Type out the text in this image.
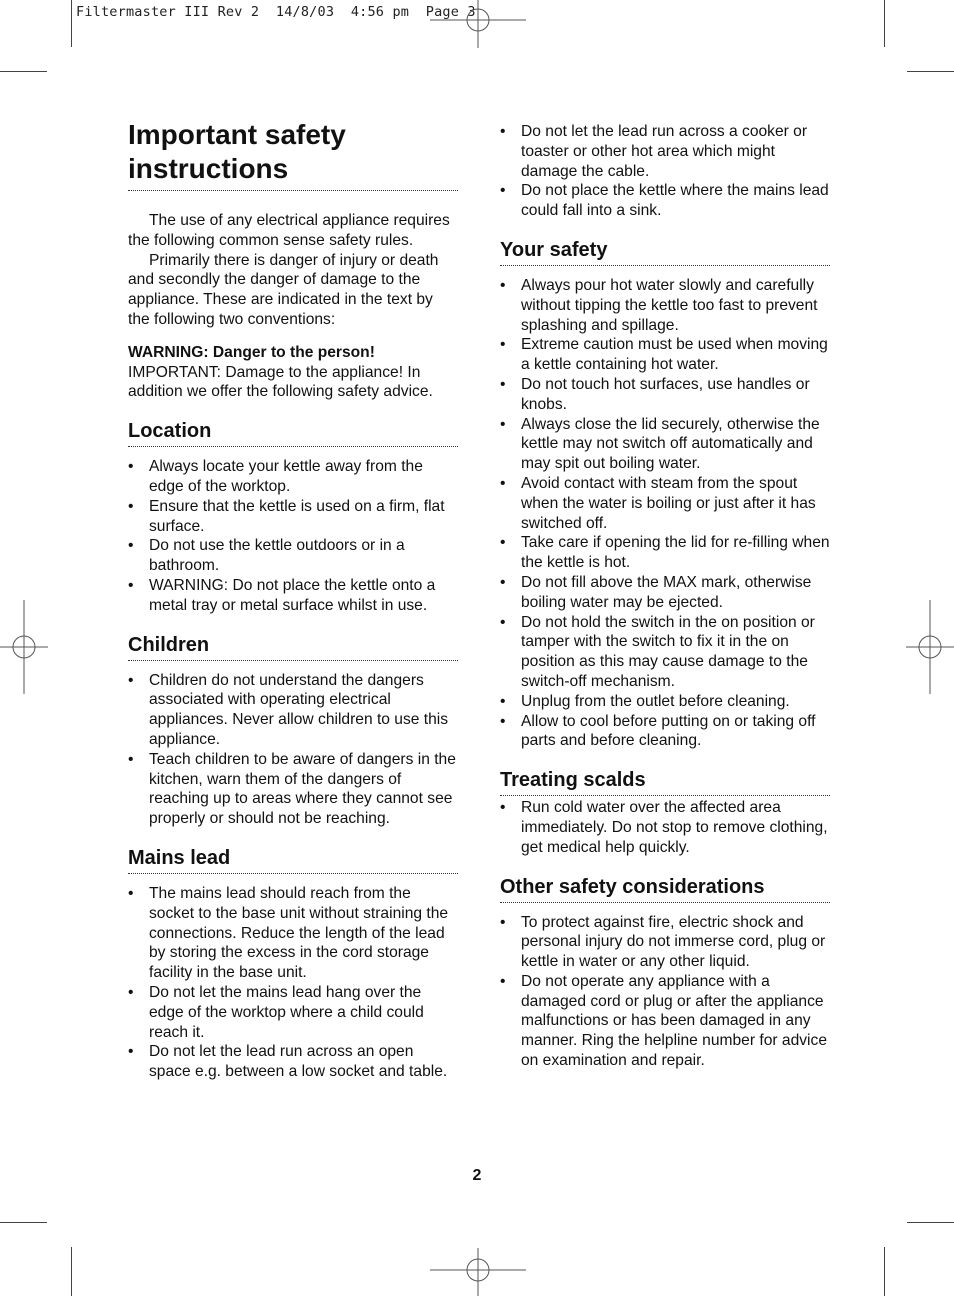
Filtermaster III Rev 2  14/8/03  4:56 pm  Page 3
Important safety instructions

The use of any electrical appliance requires the following common sense safety rules.

Primarily there is danger of injury or death and secondly the danger of damage to the appliance. These are indicated in the text by the following two conventions:

WARNING: Danger to the person!

IMPORTANT: Damage to the appliance! In addition we offer the following safety advice.

Location
• Always locate your kettle away from the edge of the worktop.
• Ensure that the kettle is used on a firm, flat surface.
• Do not use the kettle outdoors or in a bathroom.
• WARNING: Do not place the kettle onto a metal tray or metal surface whilst in use.
Children
• Children do not understand the dangers associated with operating electrical appliances. Never allow children to use this appliance.
• Teach children to be aware of dangers in the kitchen, warn them of the dangers of reaching up to areas where they cannot see properly or should not be reaching.
Mains lead
• The mains lead should reach from the socket to the base unit without straining the connections. Reduce the length of the lead by storing the excess in the cord storage facility in the base unit.
• Do not let the mains lead hang over the edge of the worktop where a child could reach it.
• Do not let the lead run across an open space e.g. between a low socket and table.
• Do not let the lead run across a cooker or toaster or other hot area which might damage the cable.
• Do not place the kettle where the mains lead could fall into a sink.
Your safety
• Always pour hot water slowly and carefully without tipping the kettle too fast to prevent splashing and spillage.
• Extreme caution must be used when moving a kettle containing hot water.
• Do not touch hot surfaces, use handles or knobs.
• Always close the lid securely, otherwise the kettle may not switch off automatically and may spit out boiling water.
• Avoid contact with steam from the spout when the water is boiling or just after it has switched off.
• Take care if opening the lid for re-filling when the kettle is hot.
• Do not fill above the MAX mark, otherwise boiling water may be ejected.
• Do not hold the switch in the on position or tamper with the switch to fix it in the on position as this may cause damage to the switch-off mechanism.
• Unplug from the outlet before cleaning.
• Allow to cool before putting on or taking off parts and before cleaning.
Treating scalds
• Run cold water over the affected area immediately. Do not stop to remove clothing, get medical help quickly.
Other safety considerations
• To protect against fire, electric shock and personal injury do not immerse cord, plug or kettle in water or any other liquid.
• Do not operate any appliance with a damaged cord or plug or after the appliance malfunctions or has been damaged in any manner. Ring the helpline number for advice on examination and repair.
2
